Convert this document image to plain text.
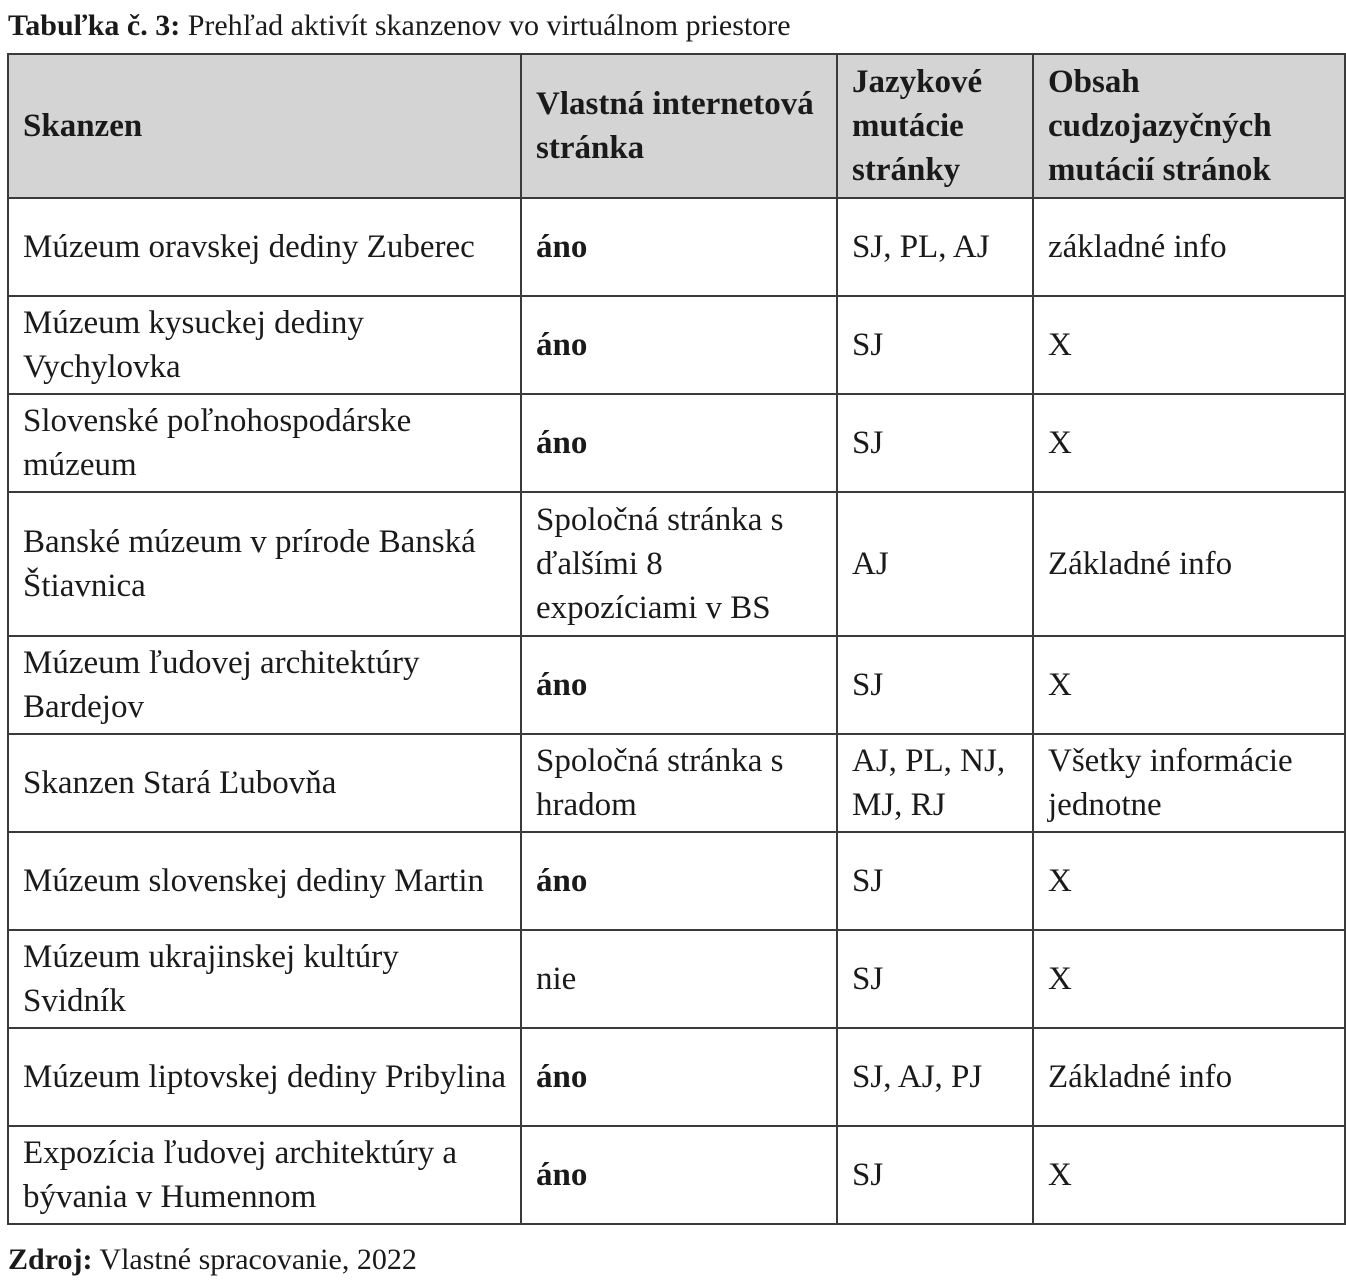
Tabuľka č. 3: Prehľad aktivít skanzenov vo virtuálnom priestore
Skanzen	Vlastná internetová stránka	Jazykové mutácie stránky	Obsah cudzojazyčných mutácií stránok
Múzeum oravskej dediny Zuberec	áno	SJ, PL, AJ	základné info
Múzeum kysuckej dediny Vychylovka	áno	SJ	X
Slovenské poľnohospodárske múzeum	áno	SJ	X
Banské múzeum v prírode Banská Štiavnica	Spoločná stránka s ďalšími 8 expozíciami v BS	AJ	Základné info
Múzeum ľudovej architektúry Bardejov	áno	SJ	X
Skanzen Stará Ľubovňa	Spoločná stránka s hradom	AJ, PL, NJ, MJ, RJ	Všetky informácie jednotne
Múzeum slovenskej dediny Martin	áno	SJ	X
Múzeum ukrajinskej kultúry Svidník	nie	SJ	X
Múzeum liptovskej dediny Pribylina	áno	SJ, AJ, PJ	Základné info
Expozícia ľudovej architektúry a bývania v Humennom	áno	SJ	X
Zdroj: Vlastné spracovanie, 2022
